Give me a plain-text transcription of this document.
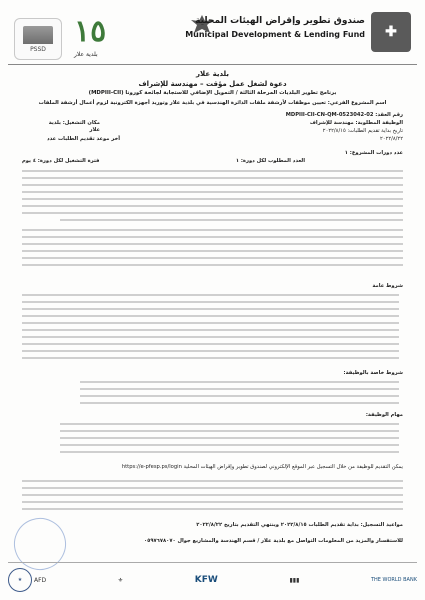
PSSD ١٥
بلدية علار
صندوق تطوير وإقراض الهيئات المحلية
Municipal Development & Lending Fund ✚
بلدية علار
دعوة لشغل عمل مؤقت – مهندسة للإشراف
برنامج تطوير البلديات المرحلة الثالثة / التمويل الإضافي للاستجابة لجائحة كورونا (MDPIII-CII)
اسم المشروع الفرعي: تعيين موظفات لأرشفة ملفات الدائرة الهندسية في بلدية علار وتوريد أجهزة الكترونية لزوم أعمال أرشفة الملفات
رقم العقد: MDPIII-CII-CN-QM-0523042-02
الوظيفة المطلوبة: مهندسة للإشراف
تاريخ بداية تقديم الطلبات: ٢٠٢٢/٨/١٥
٢٠٢٢/٨/٢٢
مكان التشغيل: بلدية علار
أخر موعد تقديم الطلبات عدد
عدد دورات المشروع: ١
العدد المطلوب لكل دورة: ١
فترة التشغيل لكل دورة: ٤ يوم
شروط عامة
شروط خاصة بالوظيفة:
مهام الوظيفة:
يمكن التقديم للوظيفة من خلال التسجيل عبر الموقع الإلكتروني لصندوق تطوير وإقراض الهيئات المحلية https://e-pfesp.ps/login
مواعيد التسجيل: بداية تقديم الطلبات ٢٠٢٢/٨/١٥ وينتهي التقديم بتاريخ ٢٠٢٢/٨/٢٢
للاستفسار والمزيد من المعلومات التواصل مع بلدية علار / قسم الهندسة والمشاريع جوال ٠٥٩٧٦٧٨٠٧٠
★	AFD	⚜	KFW	▮▮▮	THE WORLD BANK
